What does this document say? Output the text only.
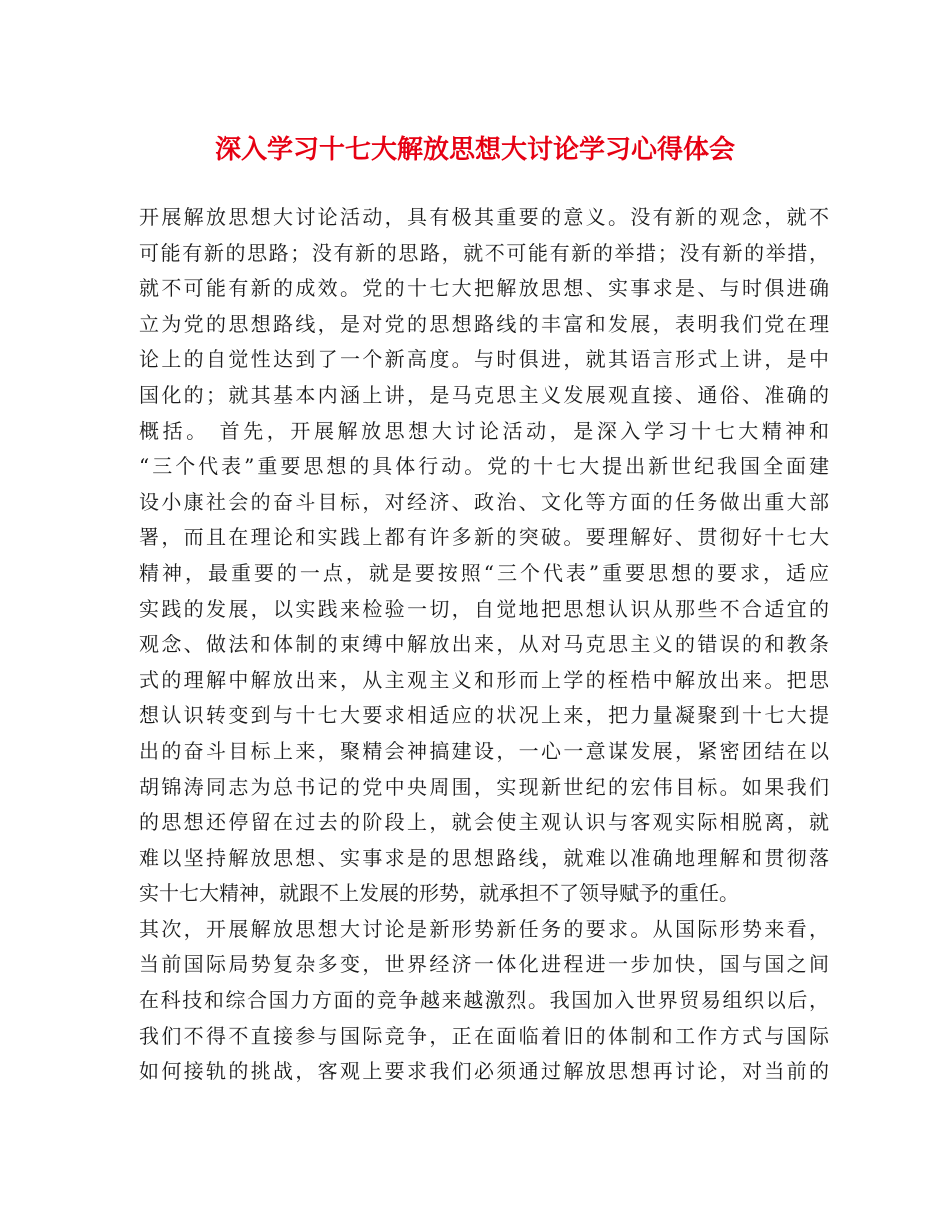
深入学习十七大解放思想大讨论学习心得体会
开展解放思想大讨论活动，具有极其重要的意义。没有新的观念，就不
可能有新的思路；没有新的思路，就不可能有新的举措；没有新的举措，
就不可能有新的成效。党的十七大把解放思想、实事求是、与时俱进确
立为党的思想路线，是对党的思想路线的丰富和发展，表明我们党在理
论上的自觉性达到了一个新高度。与时俱进，就其语言形式上讲，是中
国化的；就其基本内涵上讲，是马克思主义发展观直接、通俗、准确的
概括。 首先，开展解放思想大讨论活动，是深入学习十七大精神和
“三个代表”重要思想的具体行动。党的十七大提出新世纪我国全面建
设小康社会的奋斗目标，对经济、政治、文化等方面的任务做出重大部
署，而且在理论和实践上都有许多新的突破。要理解好、贯彻好十七大
精神，最重要的一点，就是要按照“三个代表”重要思想的要求，适应
实践的发展，以实践来检验一切，自觉地把思想认识从那些不合适宜的
观念、做法和体制的束缚中解放出来，从对马克思主义的错误的和教条
式的理解中解放出来，从主观主义和形而上学的桎梏中解放出来。把思
想认识转变到与十七大要求相适应的状况上来，把力量凝聚到十七大提
出的奋斗目标上来，聚精会神搞建设，一心一意谋发展，紧密团结在以
胡锦涛同志为总书记的党中央周围，实现新世纪的宏伟目标。如果我们
的思想还停留在过去的阶段上，就会使主观认识与客观实际相脱离，就
难以坚持解放思想、实事求是的思想路线，就难以准确地理解和贯彻落
实十七大精神，就跟不上发展的形势，就承担不了领导赋予的重任。
其次，开展解放思想大讨论是新形势新任务的要求。从国际形势来看，
当前国际局势复杂多变，世界经济一体化进程进一步加快，国与国之间
在科技和综合国力方面的竞争越来越激烈。我国加入世界贸易组织以后，
我们不得不直接参与国际竞争，正在面临着旧的体制和工作方式与国际
如何接轨的挑战，客观上要求我们必须通过解放思想再讨论，对当前的
